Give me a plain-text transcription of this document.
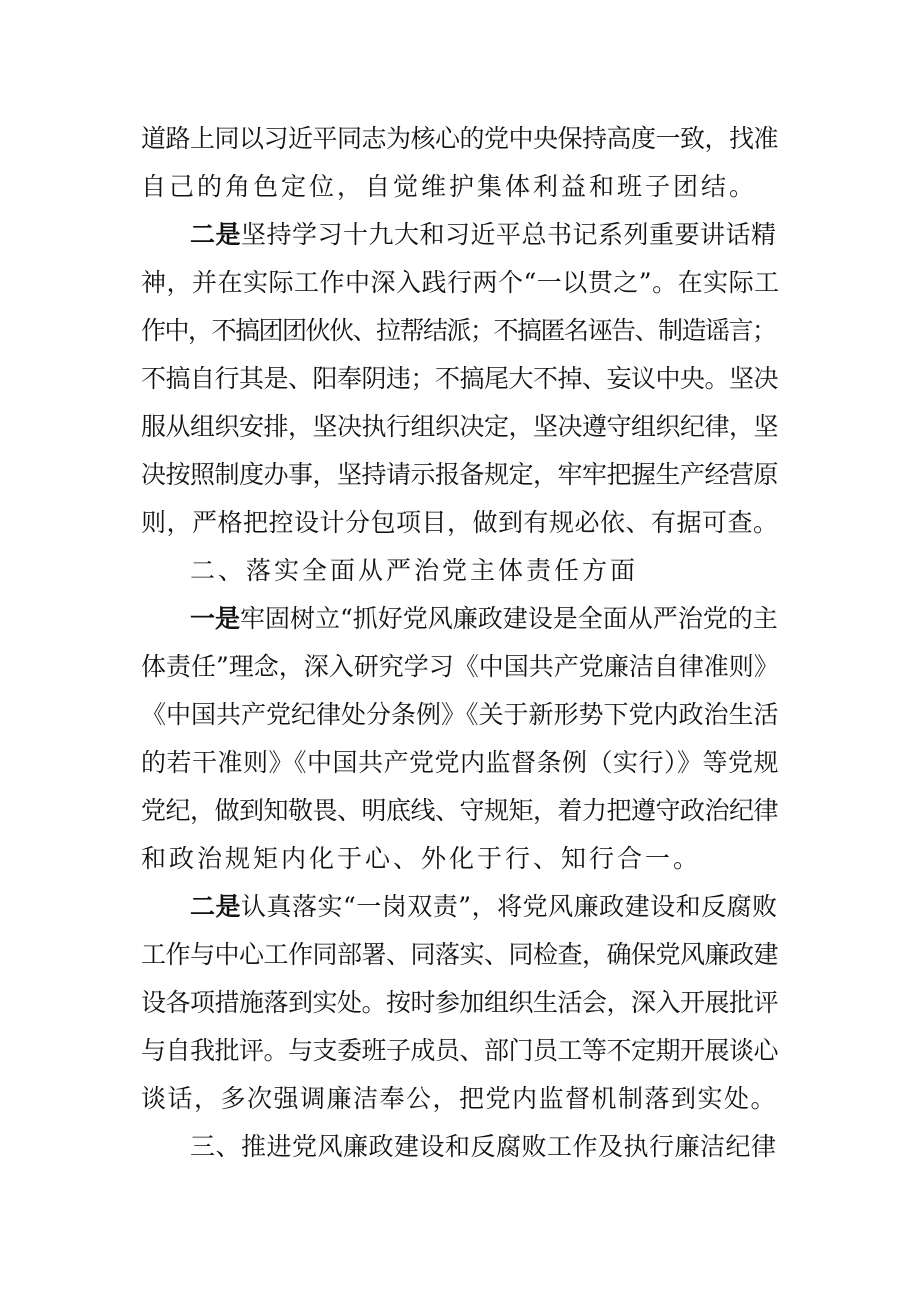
道路上同以习近平同志为核心的党中央保持高度一致，找准
自己的角色定位，自觉维护集体利益和班子团结。
二是坚持学习十九大和习近平总书记系列重要讲话精
神，并在实际工作中深入践行两个“一以贯之”。在实际工
作中，不搞团团伙伙、拉帮结派；不搞匿名诬告、制造谣言；
不搞自行其是、阳奉阴违；不搞尾大不掉、妄议中央。坚决
服从组织安排，坚决执行组织决定，坚决遵守组织纪律，坚
决按照制度办事，坚持请示报备规定，牢牢把握生产经营原
则，严格把控设计分包项目，做到有规必依、有据可查。
二、落实全面从严治党主体责任方面
一是牢固树立“抓好党风廉政建设是全面从严治党的主
体责任”理念，深入研究学习《中国共产党廉洁自律准则》
《中国共产党纪律处分条例》《关于新形势下党内政治生活
的若干准则》《中国共产党党内监督条例（实行）》等党规
党纪，做到知敬畏、明底线、守规矩，着力把遵守政治纪律
和政治规矩内化于心、外化于行、知行合一。
二是认真落实“一岗双责”，将党风廉政建设和反腐败
工作与中心工作同部署、同落实、同检查，确保党风廉政建
设各项措施落到实处。按时参加组织生活会，深入开展批评
与自我批评。与支委班子成员、部门员工等不定期开展谈心
谈话，多次强调廉洁奉公，把党内监督机制落到实处。
三、推进党风廉政建设和反腐败工作及执行廉洁纪律
